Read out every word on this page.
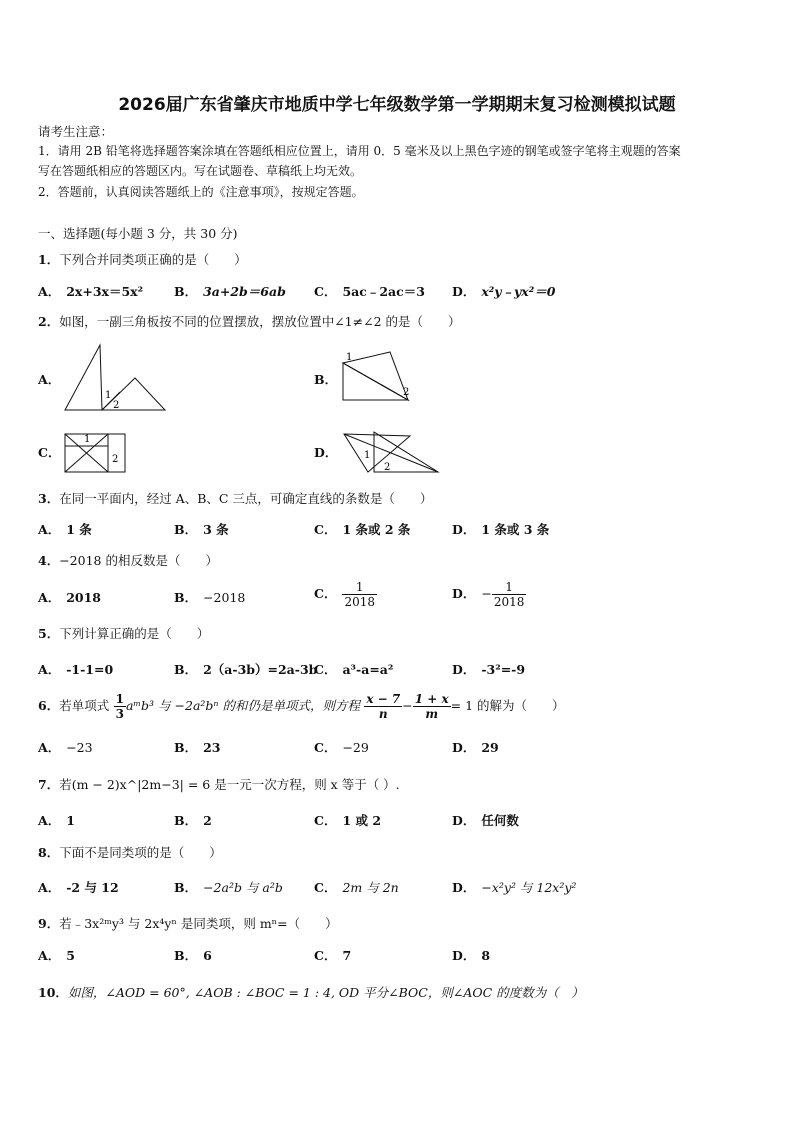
2026届广东省肇庆市地质中学七年级数学第一学期期末复习检测模拟试题
请考生注意：
1．请用 2B 铅笔将选择题答案涂填在答题纸相应位置上，请用 0．5 毫米及以上黑色字迹的钢笔或签字笔将主观题的答案
写在答题纸相应的答题区内。写在试题卷、草稿纸上均无效。
2．答题前，认真阅读答题纸上的《注意事项》，按规定答题。
一、选择题(每小题 3 分，共 30 分)
1．下列合并同类项正确的是（　　）
A． 2x+3x＝5x² B． 3a+2b＝6ab C． 5ac﹣2ac＝3 D． x²y﹣yx²＝0
2．如图，一副三角板按不同的位置摆放，摆放位置中∠1≠∠2 的是（　　）
A．
1
2
B．
1
2
C．
1
2	D．	1
2
3．在同一平面内，经过 A、B、C 三点，可确定直线的条数是（　　）
A． 1 条	B． 3 条	C． 1 条或 2 条	D． 1 条或 3 条
4．−2018 的相反数是（　　）
A． 2018	B． −2018	C． $\frac{1}{2018}$	D． − $\frac{1}{2018}$
5．下列计算正确的是（　　）
A． -1-1=0	B． 2（a-3b）=2a-3b
C． a³-a=a²	D． -3²=-9
6．若单项式 $\frac{1}{3}$ aᵐb³ 与 −2a²bⁿ 的和仍是单项式，则方程 $\frac{x - 7}{n} - \frac{1 + x}{m} = 1$ 的解为（　　）
A． −23	B． 23	C． −29	D． 29
7．若(m − 2)x^|2m−3| = 6 是一元一次方程，则 x 等于（ ）.
A． 1	B． 2	C． 1 或 2	D． 任何数
8．下面不是同类项的是（　　）
A． -2 与 12	B． −2a²b 与 a²b C． 2m 与 2n	D． −x²y² 与 12x²y²
9．若﹣3x²ᵐy³ 与 2x⁴yⁿ 是同类项，则 mⁿ=（　　）
A． 5	B． 6	C． 7	D． 8
10．如图，∠AOD = 60°, ∠AOB : ∠BOC = 1 : 4, OD 平分∠BOC，则∠AOC 的度数为（　）
